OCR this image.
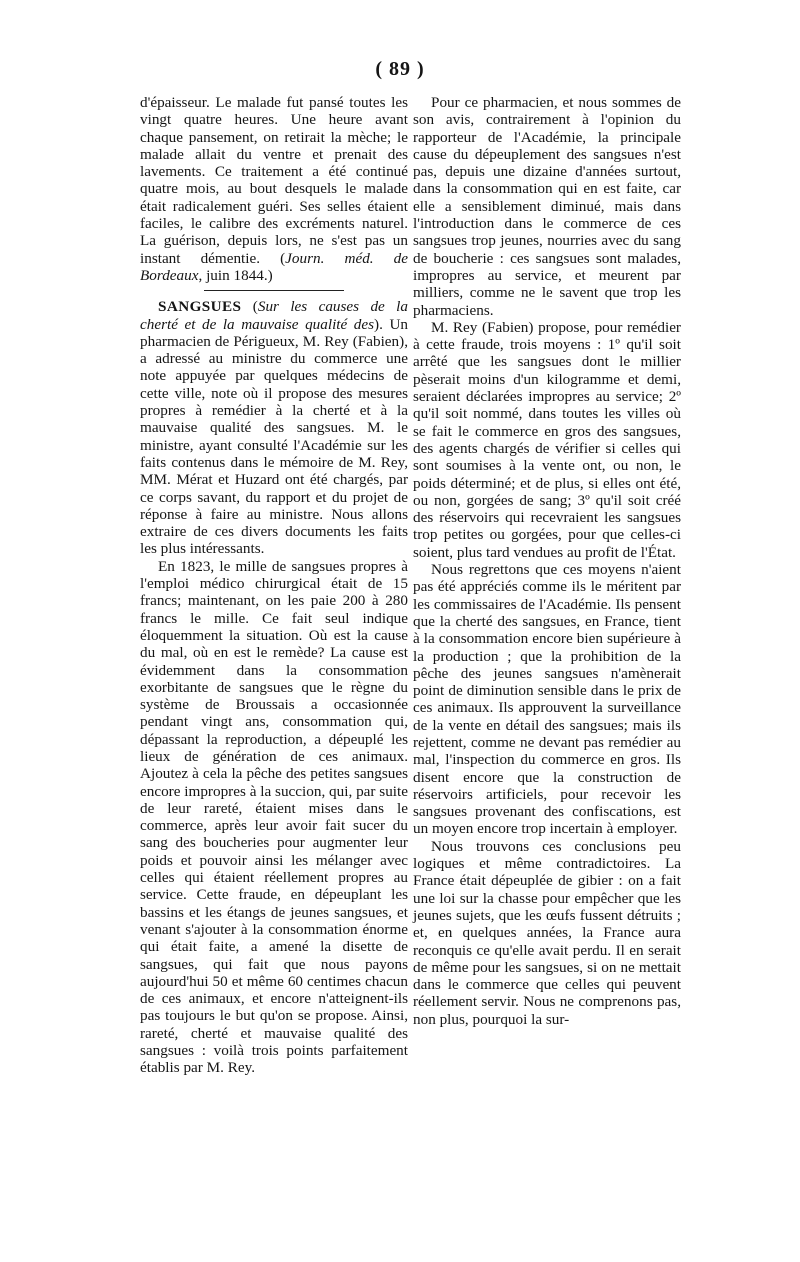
( 89 )

d'épaisseur. Le malade fut pansé toutes les vingt quatre heures. Une heure avant chaque pansement, on retirait la mèche; le malade allait du ventre et prenait des lavements. Ce traitement a été continué quatre mois, au bout desquels le malade était radicalement guéri. Ses selles étaient faciles, le calibre des excréments naturel. La guérison, depuis lors, ne s'est pas un instant démentie. (Journ. méd. de Bordeaux, juin 1844.)

SANGSUES (Sur les causes de la cherté et de la mauvaise qualité des). Un pharmacien de Périgueux, M. Rey (Fabien), a adressé au ministre du commerce une note appuyée par quelques médecins de cette ville, note où il propose des mesures propres à remédier à la cherté et à la mauvaise qualité des sangsues. M. le ministre, ayant consulté l'Académie sur les faits contenus dans le mémoire de M. Rey, MM. Mérat et Huzard ont été chargés, par ce corps savant, du rapport et du projet de réponse à faire au ministre. Nous allons extraire de ces divers documents les faits les plus intéressants.

En 1823, le mille de sangsues propres à l'emploi médico chirurgical était de 15 francs; maintenant, on les paie 200 à 280 francs le mille. Ce fait seul indique éloquemment la situation. Où est la cause du mal, où en est le remède? La cause est évidemment dans la consommation exorbitante de sangsues que le règne du système de Broussais a occasionnée pendant vingt ans, consommation qui, dépassant la reproduction, a dépeuplé les lieux de génération de ces animaux. Ajoutez à cela la pêche des petites sangsues encore impropres à la succion, qui, par suite de leur rareté, étaient mises dans le commerce, après leur avoir fait sucer du sang des boucheries pour augmenter leur poids et pouvoir ainsi les mélanger avec celles qui étaient réellement propres au service. Cette fraude, en dépeuplant les bassins et les étangs de jeunes sangsues, et venant s'ajouter à la consommation énorme qui était faite, a amené la disette de sangsues, qui fait que nous payons aujourd'hui 50 et même 60 centimes chacun de ces animaux, et encore n'atteignent-ils pas toujours le but qu'on se propose. Ainsi, rareté, cherté et mauvaise qualité des sangsues : voilà trois points parfaitement établis par M. Rey.

Pour ce pharmacien, et nous sommes de son avis, contrairement à l'opinion du rapporteur de l'Académie, la principale cause du dépeuplement des sangsues n'est pas, depuis une dizaine d'années surtout, dans la consommation qui en est faite, car elle a sensiblement diminué, mais dans l'introduction dans le commerce de ces sangsues trop jeunes, nourries avec du sang de boucherie : ces sangsues sont malades, impropres au service, et meurent par milliers, comme ne le savent que trop les pharmaciens.

M. Rey (Fabien) propose, pour remédier à cette fraude, trois moyens : 1º qu'il soit arrêté que les sangsues dont le millier pèserait moins d'un kilogramme et demi, seraient déclarées impropres au service; 2º qu'il soit nommé, dans toutes les villes où se fait le commerce en gros des sangsues, des agents chargés de vérifier si celles qui sont soumises à la vente ont, ou non, le poids déterminé; et de plus, si elles ont été, ou non, gorgées de sang; 3º qu'il soit créé des réservoirs qui recevraient les sangsues trop petites ou gorgées, pour que celles-ci soient, plus tard vendues au profit de l'État.

Nous regrettons que ces moyens n'aient pas été appréciés comme ils le méritent par les commissaires de l'Académie. Ils pensent que la cherté des sangsues, en France, tient à la consommation encore bien supérieure à la production ; que la prohibition de la pêche des jeunes sangsues n'amènerait point de diminution sensible dans le prix de ces animaux. Ils approuvent la surveillance de la vente en détail des sangsues; mais ils rejettent, comme ne devant pas remédier au mal, l'inspection du commerce en gros. Ils disent encore que la construction de réservoirs artificiels, pour recevoir les sangsues provenant des confiscations, est un moyen encore trop incertain à employer.

Nous trouvons ces conclusions peu logiques et même contradictoires. La France était dépeuplée de gibier : on a fait une loi sur la chasse pour empêcher que les jeunes sujets, que les œufs fussent détruits ; et, en quelques années, la France aura reconquis ce qu'elle avait perdu. Il en serait de même pour les sangsues, si on ne mettait dans le commerce que celles qui peuvent réellement servir. Nous ne comprenons pas, non plus, pourquoi la sur-
